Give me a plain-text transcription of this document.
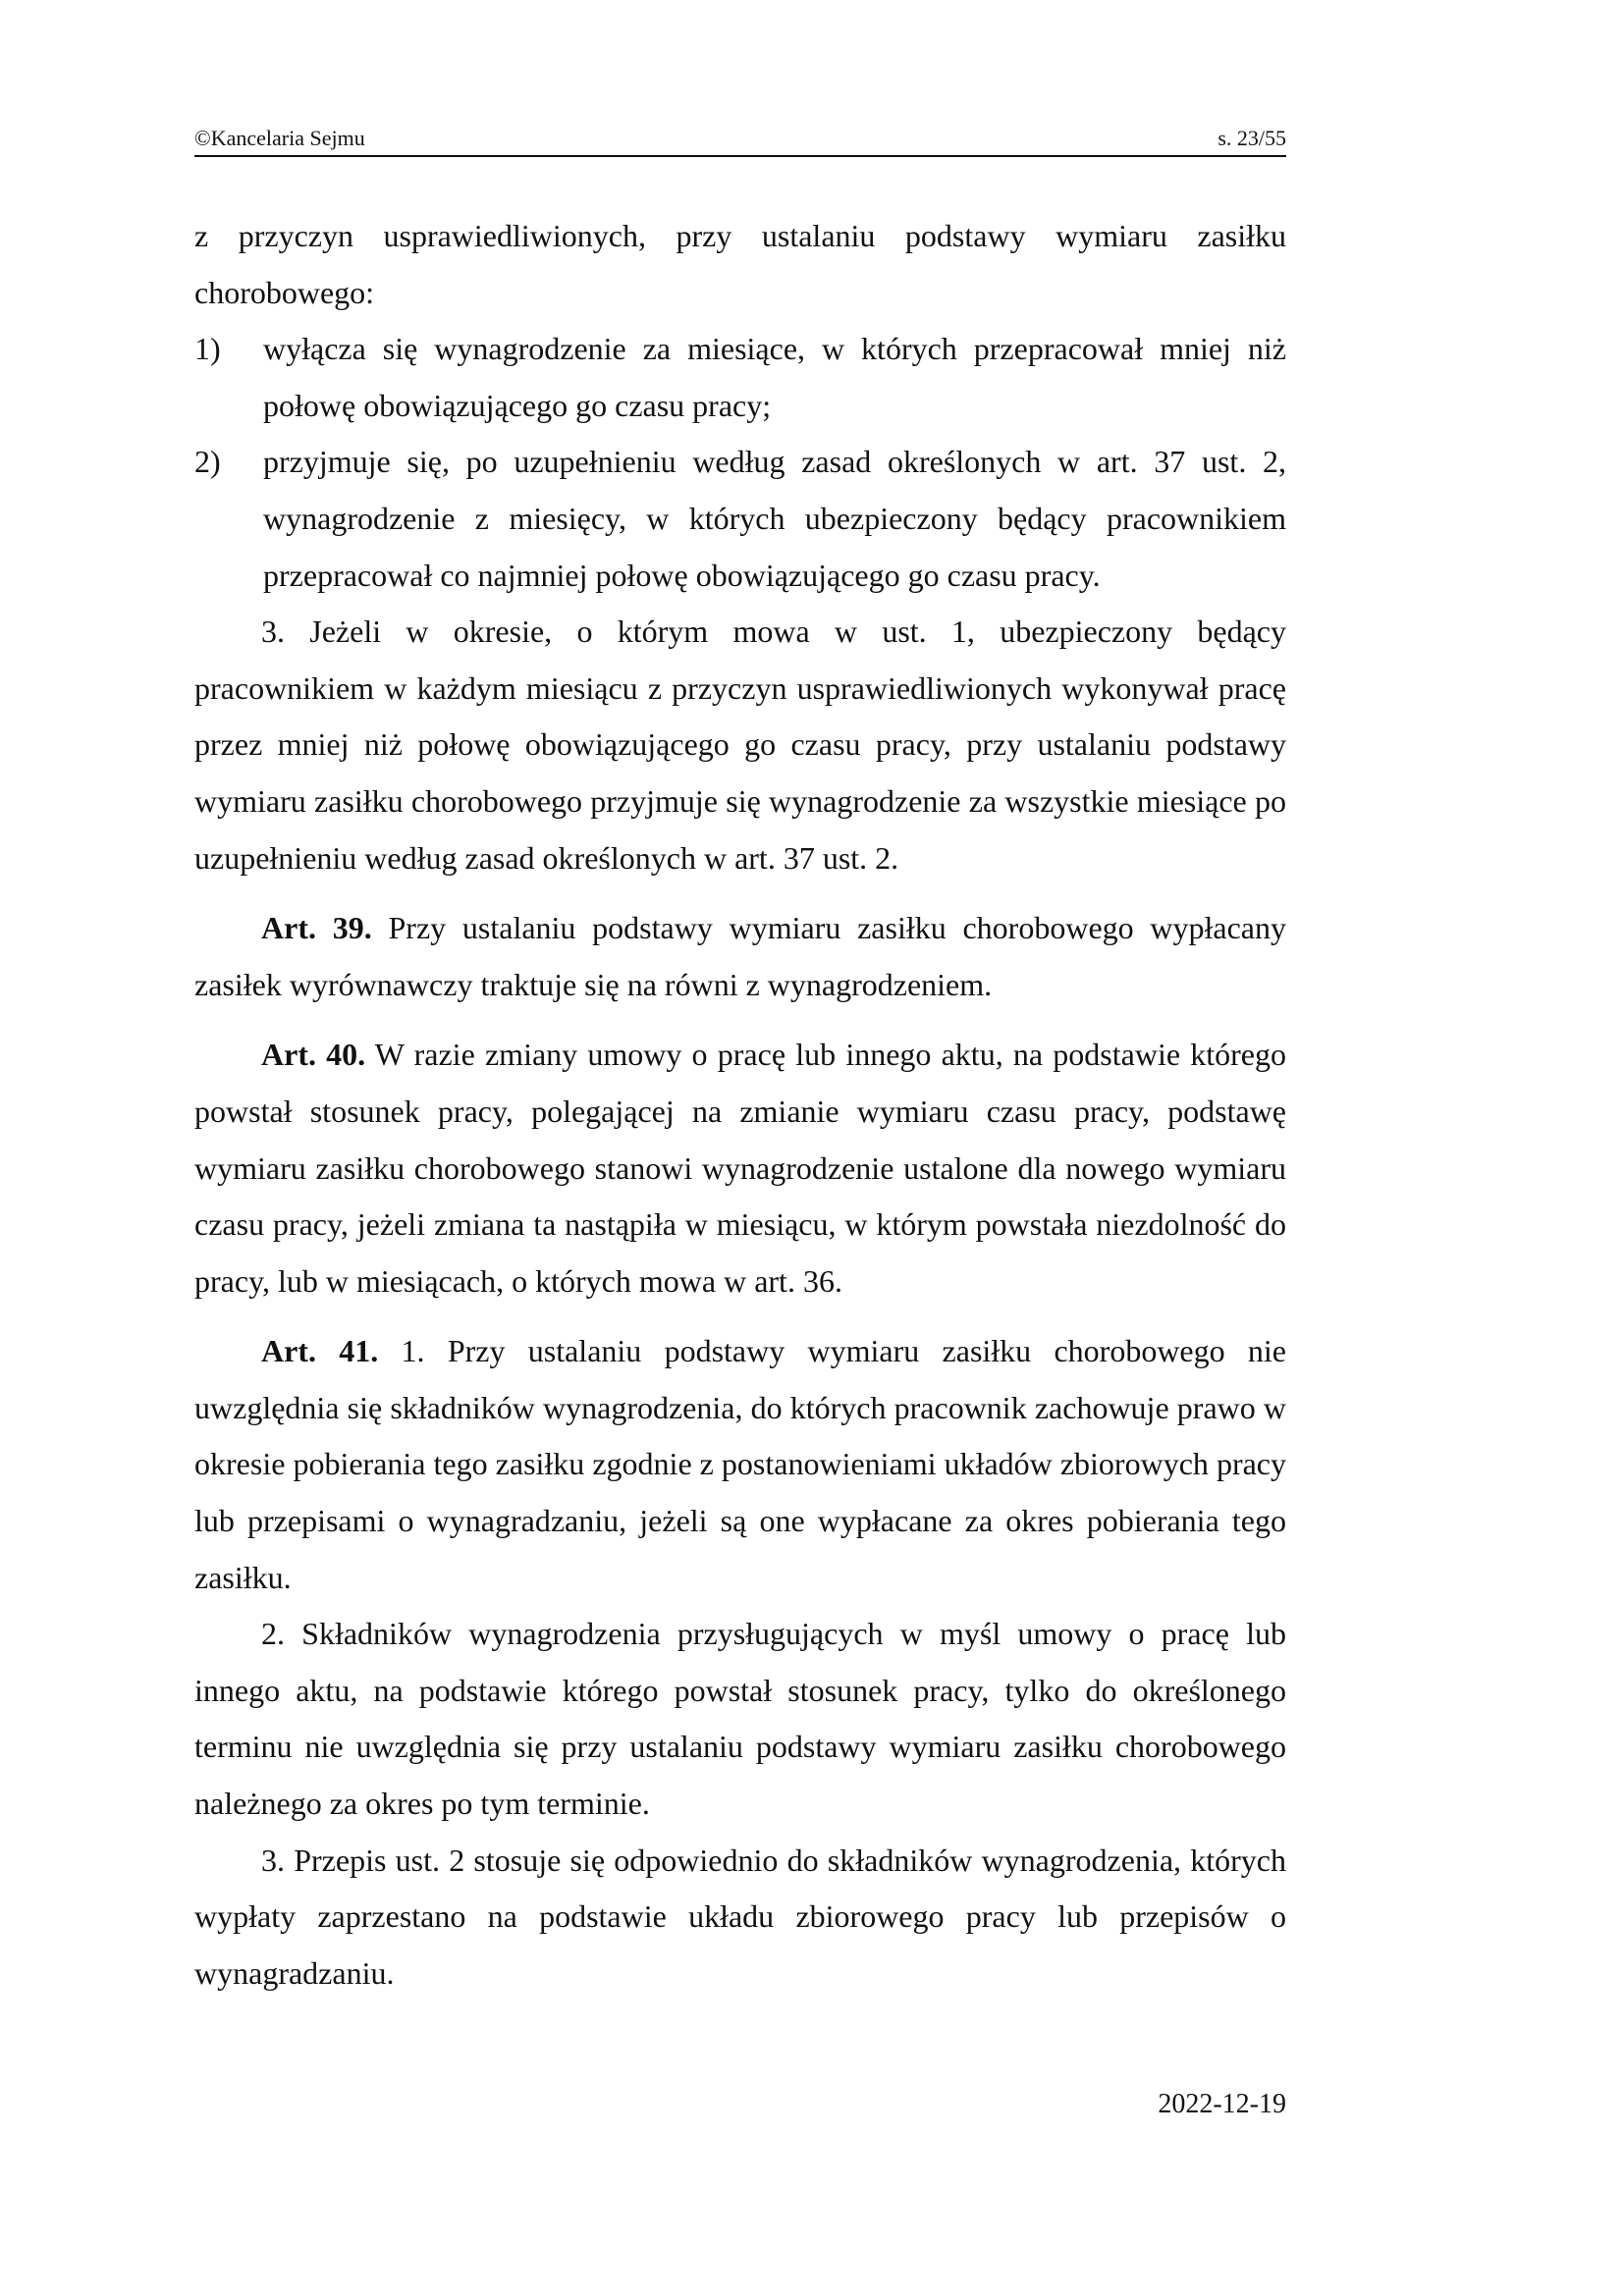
©Kancelaria Sejmu	s. 23/55

z przyczyn usprawiedliwionych, przy ustalaniu podstawy wymiaru zasiłku chorobowego:

1) wyłącza się wynagrodzenie za miesiące, w których przepracował mniej niż połowę obowiązującego go czasu pracy;
2) przyjmuje się, po uzupełnieniu według zasad określonych w art. 37 ust. 2, wynagrodzenie z miesięcy, w których ubezpieczony będący pracownikiem przepracował co najmniej połowę obowiązującego go czasu pracy.

3. Jeżeli w okresie, o którym mowa w ust. 1, ubezpieczony będący pracownikiem w każdym miesiącu z przyczyn usprawiedliwionych wykonywał pracę przez mniej niż połowę obowiązującego go czasu pracy, przy ustalaniu podstawy wymiaru zasiłku chorobowego przyjmuje się wynagrodzenie za wszystkie miesiące po uzupełnieniu według zasad określonych w art. 37 ust. 2.

Art. 39. Przy ustalaniu podstawy wymiaru zasiłku chorobowego wypłacany zasiłek wyrównawczy traktuje się na równi z wynagrodzeniem.

Art. 40. W razie zmiany umowy o pracę lub innego aktu, na podstawie którego powstał stosunek pracy, polegającej na zmianie wymiaru czasu pracy, podstawę wymiaru zasiłku chorobowego stanowi wynagrodzenie ustalone dla nowego wymiaru czasu pracy, jeżeli zmiana ta nastąpiła w miesiącu, w którym powstała niezdolność do pracy, lub w miesiącach, o których mowa w art. 36.

Art. 41. 1. Przy ustalaniu podstawy wymiaru zasiłku chorobowego nie uwzględnia się składników wynagrodzenia, do których pracownik zachowuje prawo w okresie pobierania tego zasiłku zgodnie z postanowieniami układów zbiorowych pracy lub przepisami o wynagradzaniu, jeżeli są one wypłacane za okres pobierania tego zasiłku.

2. Składników wynagrodzenia przysługujących w myśl umowy o pracę lub innego aktu, na podstawie którego powstał stosunek pracy, tylko do określonego terminu nie uwzględnia się przy ustalaniu podstawy wymiaru zasiłku chorobowego należnego za okres po tym terminie.

3. Przepis ust. 2 stosuje się odpowiednio do składników wynagrodzenia, których wypłaty zaprzestano na podstawie układu zbiorowego pracy lub przepisów o wynagradzaniu.

2022-12-19
